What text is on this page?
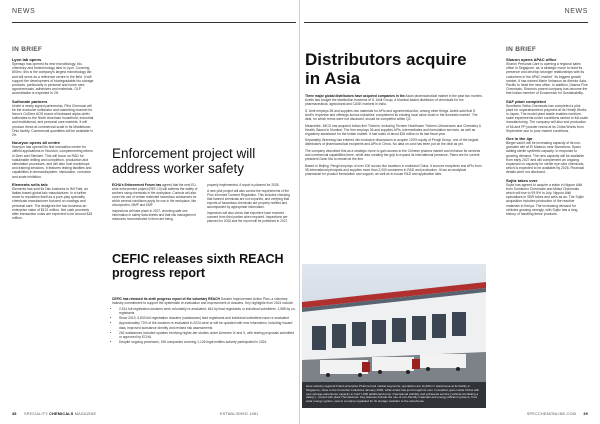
NEWS
IN BRIEF
Lyon lab opens

Syensqo has opened its new microbiology, bio-chemistry and biotechnology labs in Lyon. Covering 800m², this is the company's largest microbiology lab and will serve as a reference centre in the field. It will support the development of biodegradable bio-storage products, particularly in personal and home care, agrochemicals, adhesives and materials. OLP accreditation is expected in 2H.

Sulfonate partners

Under a newly signed partnership, Pilot Chemical will be the exclusive sulfonator and marketing channel for Nevo's CoZiere AOS brand of biobased alpha olefin sulfonates to the North American household, industrial and institutional, and personal care markets. It will produce these at commercial scale in its Middletown, Ohio facility. Commercial quantities will be available in 2H.

Nouryon opens all centre

Nouryon has opened its first innovation centre for oilfield applications in Houston, complementing others in Deer and Stenden. This will focus on R&D for sustainable drilling and completion, production and stimulation processes, and will also host workshops and training sessions. It features testing facilities and capabilities in demand/system, stimulation, corrosion and scale inhibition.

Elements sells talc

Elements has sold its Talc business to IMI Fabi, an Italian-based global talc manufacturer, in a further move to reposition itself as a pure-play speciality chemicals manufacturer focused on coatings and personal care. The dealgives the talc business an enterprise value of $121 million. Net cash proceeds after transaction costs are expected to be around $18 million.

Enforcement project will address worker safety

ECHA's Enforcement Forum has agreed that the next EU-wide enforcement project (REF-13) will address the safety of workers using chemicals in the workplace. Controls will also cover the use of certain restricted hazardous substances for which several conditions apply for use in the workplace, like chloroprofen, MMP and DMF.

Inspections will take place in 2027, checking safe use information in safety data sheets and that risk management measures recommended in them are being

properly implemented. A report is planned for 2028.

A new pilot project will also control the requirements of the Prior Informed Consent Regulation. This includes checking that banned chemicals are not exported, and verifying that exports of hazardous chemicals are properly notified and accompanied by appropriate information.

Inspectors will also check that exporters have received consent from third parties when required. Inspections are planned for 2026 and the report will be published in 2027.

CEFIC releases sixth REACH progress report

CEFIC has released its sixth progress report of the voluntary REACH Dossier Improvement Action Plan, a voluntary industry commitment to support the systematic re-evaluation and improvement of dossiers. Key highlights from 2024 include:

• 2,514 full registration dossiers were voluntarily re-evaluated, 644 by lead registrants or individual submitters, 1,585 by co-registrants
• Since 2019, 5,833 full registration dossiers (substances) lead registrants and individual submitters have re-evaluated
• Approximately 73% of the dossiers re-evaluated in 2024 were or will be updated with new information, including hazard data, improved substance identity and revised risk assessments
• 262 substances included updates involving higher-tier studies under Annexes IX and X, with testing proposals submitted or approved by ECHA
• Despite ongoing processes, 196 companies covering 1,126 legal entities actively participated in 2024.
38 SPECIALITY CHEMICALS MAGAZINE	ESTABLISHED 1981
NEWS
IN BRIEF
Sharon opens APAC office

Sharon Personal Care is opening a regional sales office in Singapore, as 'a strategic move to build its presence and develop stronger relationships with its customers in the APAC market'. Its biggest growth market, it has named Marie Velasson as director Asia-Pacific to head the new office. In addition, Dasma Fine Chemicals, Sharon's parent company has become the first Indian member of Ecosensive for Sustainability.

SAF plant completed

Sumitomo Seika Chemicals has completed a pilot plant for superabsorbent polymers at its Himeji Works in Japan. The model plant tackle enables medium-scale experiments under conditions similar to full-scale manufacturing. The company will also end production of Mi-and PP powder resins at its Chiba Works from September due to poor market conditions.

Gex in the 4pr

Biegel said it will be increasing capacity of its non-granules site at El Masnou near Barcelona, Spain, adding sterile synthetic capacity. In response to growing demand. The new capacity will be available from early 2027 and will complement an ongoing expansion in capacity for sterile eye care chemicals, which is expected to be available by 2026. Financial details were not disclosed.

Sojitz takes over

Sojitz has agreed to acquire a stake in Nippon Alkil from Sumitomo Chemicals and Mitsui Chemicals which will rise to 99.5% in July. Nippon Alkil specialises in SBR tubes and sells as an. The Sojitz acquisition includes production of the reactive materials in Kenya. The increasing demand for vehicles growing strongly, with Sojitz has a long history of handling these products.

SPECCHEMONLINE.COM 39
Distributors acquire in Asia

Three major global distributors have acquired companies in the Asian pharmaceutical market in the past two months. Azelis has bought the distribution business of S. Amit Group, a Mumbai-based distributor of chemicals for the pharmaceutical, agricultural and CASE markets in India.

S. Amit employs 38 and supplies raw materials for APIs and agrochemical AIs, among other things. Azelis said that S. Amit's 'expertise and offerings across industries' complement its existing local value chain in the domestic market'. The deal, for which terms were not disclosed, should be completed within Q2.

Meanwhile, IMCD has acquired Indian firm Trichem, including Trichem Healthcare Trichem Lifesciences and Chemistry & Health. Based in Mumbai. The firm employs 36 and supplies APIs, intermediates and formulation services, as well as regulatory assistance for the Indian market. It had sales of about $16 million in its last fiscal year.

Separately, Brenntag has entered into exclusive discussions to acquire 100% equity of Pengli Group, one of the largest distributors of pharmaceutical excipients and APIs in China. No data on cost has been put on the deal as yet.

The company described this as a strategic move to gain access to the Chinese pharma market and enhance its services and commercial capabilities there, while also creating the grip to expand its international presence. Plans are for current president Dann Ma to remain at the firm.

Based in Beijing, Pengli employs of over 100 across five locations in mainland China. It sources excipients and APIs from 35 international principals and supplies more than 2,000 customers in R&D and production. It has an analytical pharmacist for product formulation and support, as well as in-house R&D and application labs.

Here industry regional brand-enterprise Pharma food market segments; operations are 11,000 m² warehouse at its facility in Singapore, close to the Kreischer-Industries January 2026, while Azelis has just brought its own. Innovation goes inside China with new storage-warehouse capacity to hold 7,000 additional drums. Operational visibility and enhanced service ('vehicle-circulating a safety') - turned with plant Thomascrest. Key features include the use of eco-friendly materials and energy-efficient systems, from solar energy system, seis to a unique regulated for its storage resistant to the warehouse.
